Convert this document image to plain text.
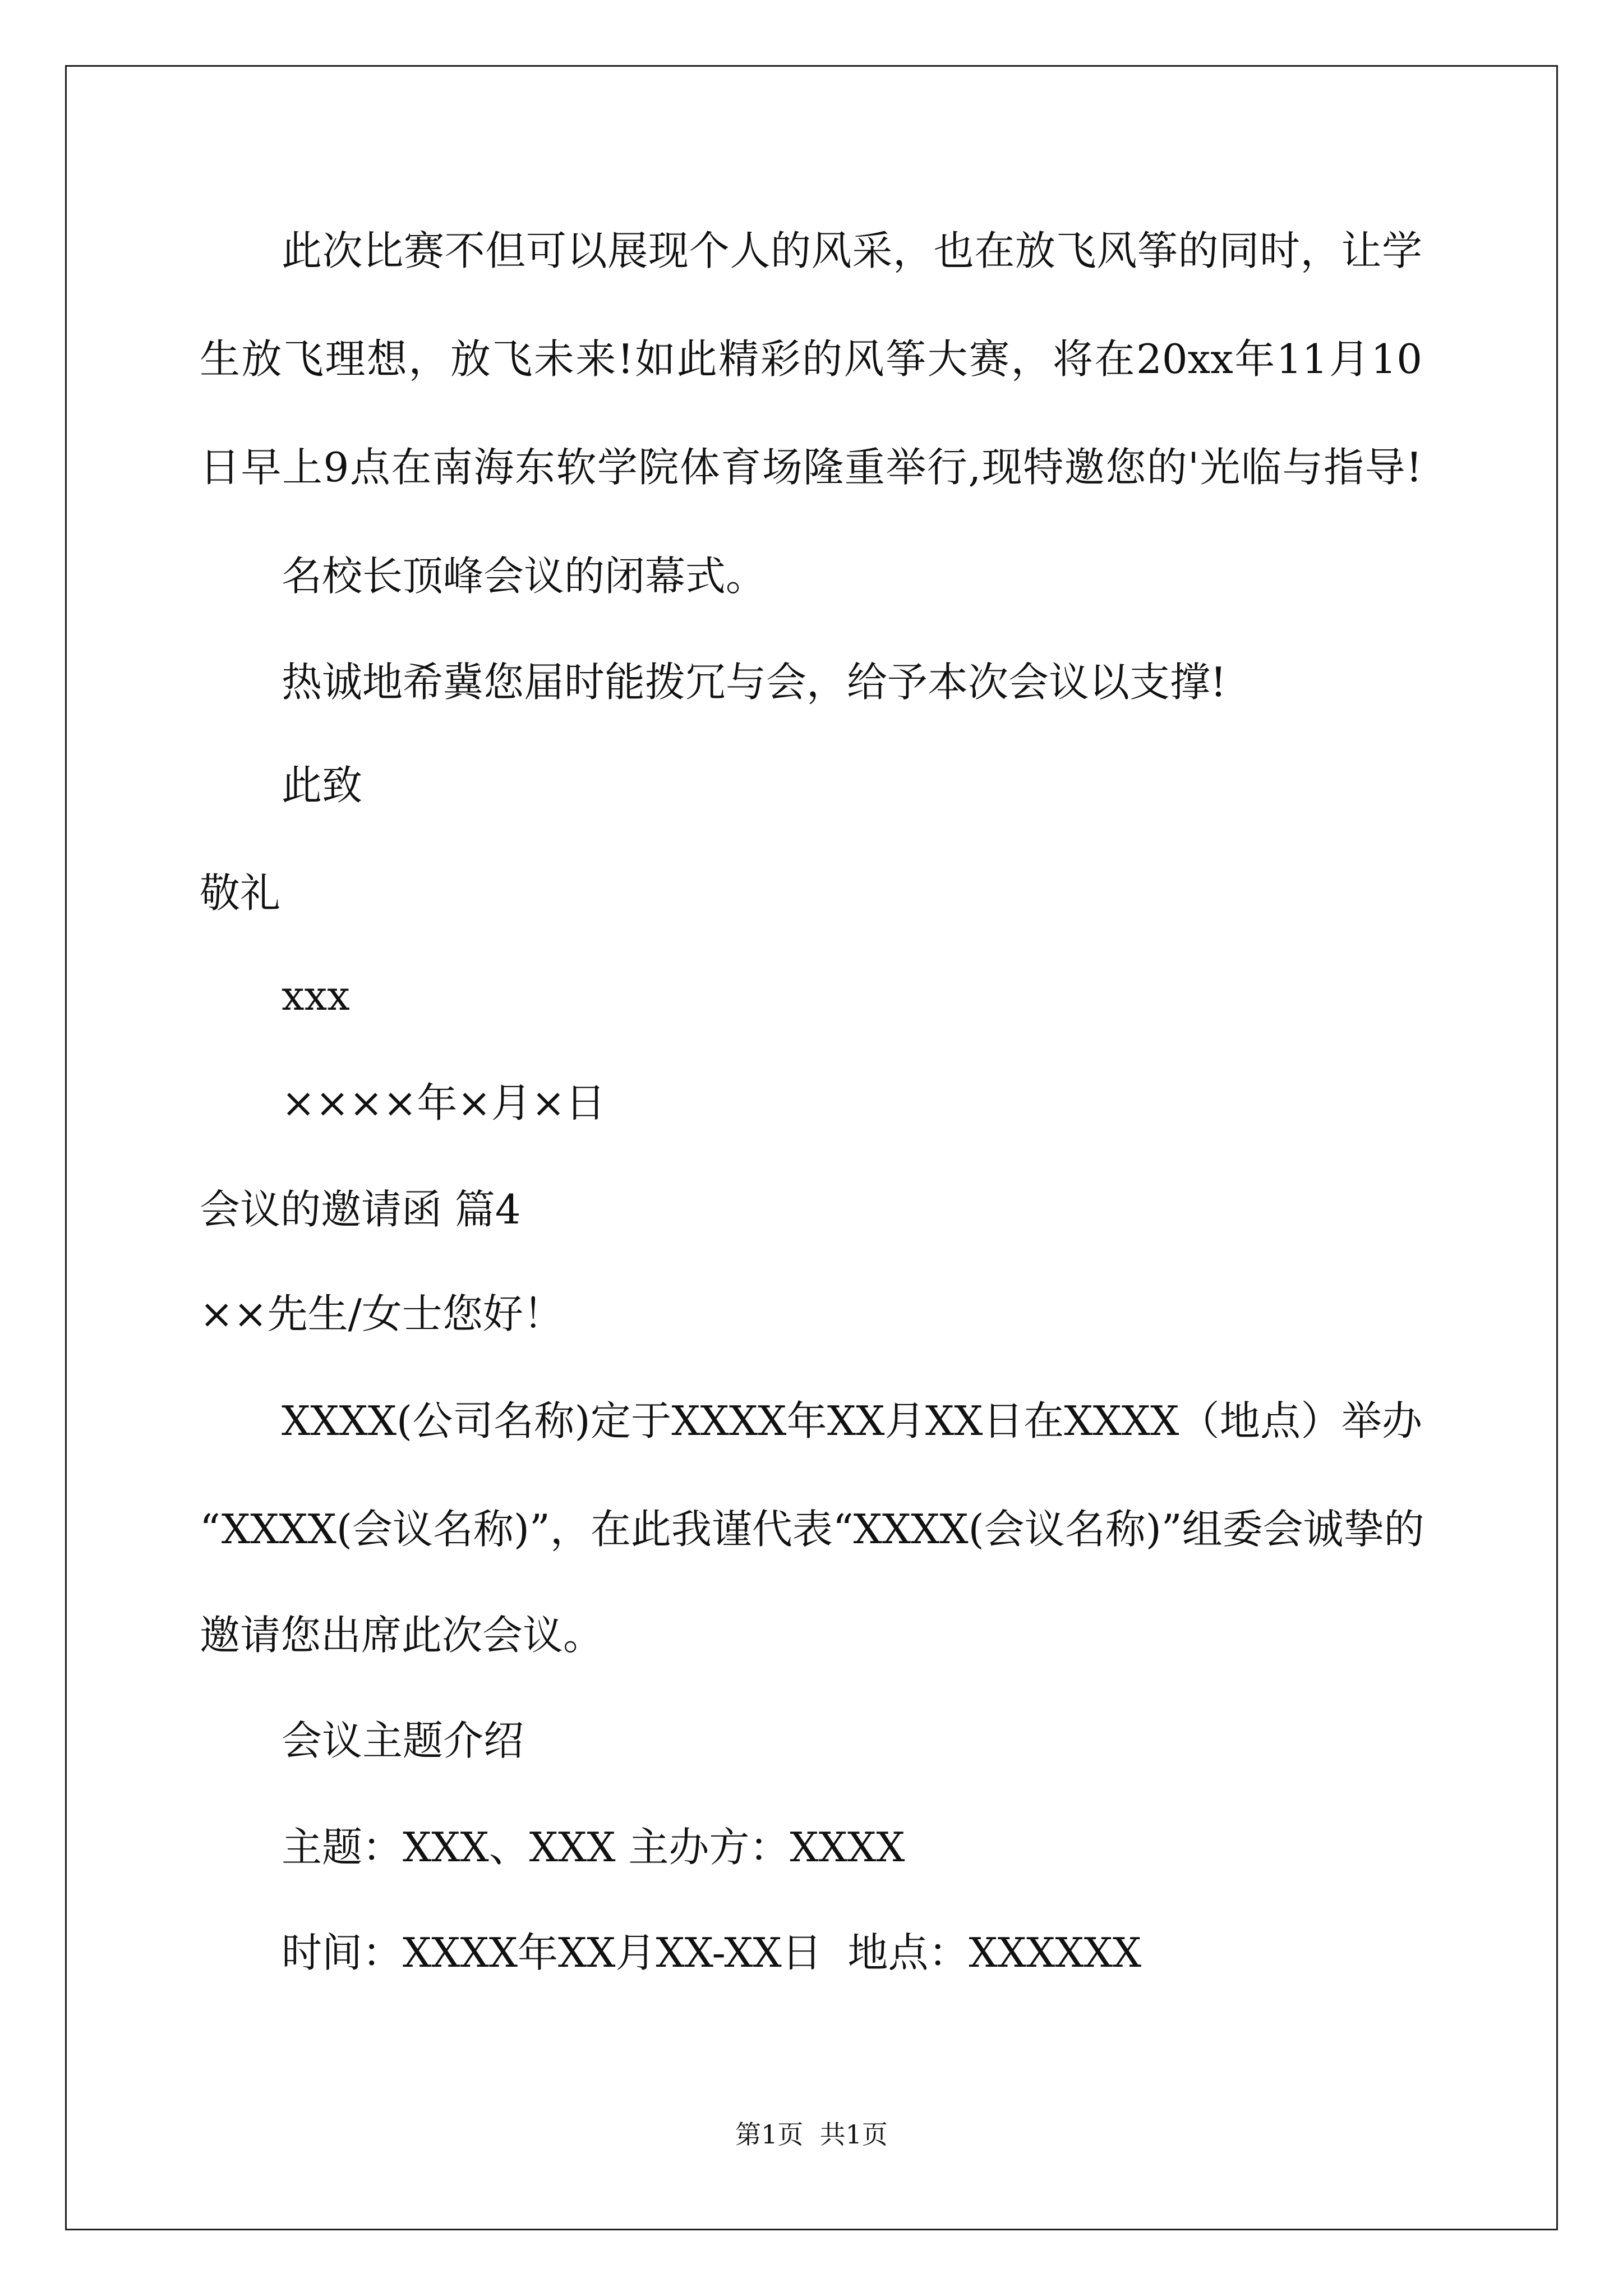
此次比赛不但可以展现个人的风采，也在放飞风筝的同时，让学
生放飞理想，放飞未来!如此精彩的风筝大赛，将在20xx年11月10
日早上9点在南海东软学院体育场隆重举行,现特邀您的'光临与指导!
名校长顶峰会议的闭幕式。
热诚地希冀您届时能拨冗与会，给予本次会议以支撑!
此致
敬礼
xxx
××××年×月×日
会议的邀请函 篇4
××先生/女士您好！
XXXX(公司名称)定于XXXX年XX月XX日在XXXX（地点）举办
“XXXX(会议名称)”，在此我谨代表“XXXX(会议名称)”组委会诚挚的
邀请您出席此次会议。
会议主题介绍
主题：XXX、XXX 主办方：XXXX
时间：XXXX年XX月XX-XX日  地点：XXXXXX
第1页  共1页
